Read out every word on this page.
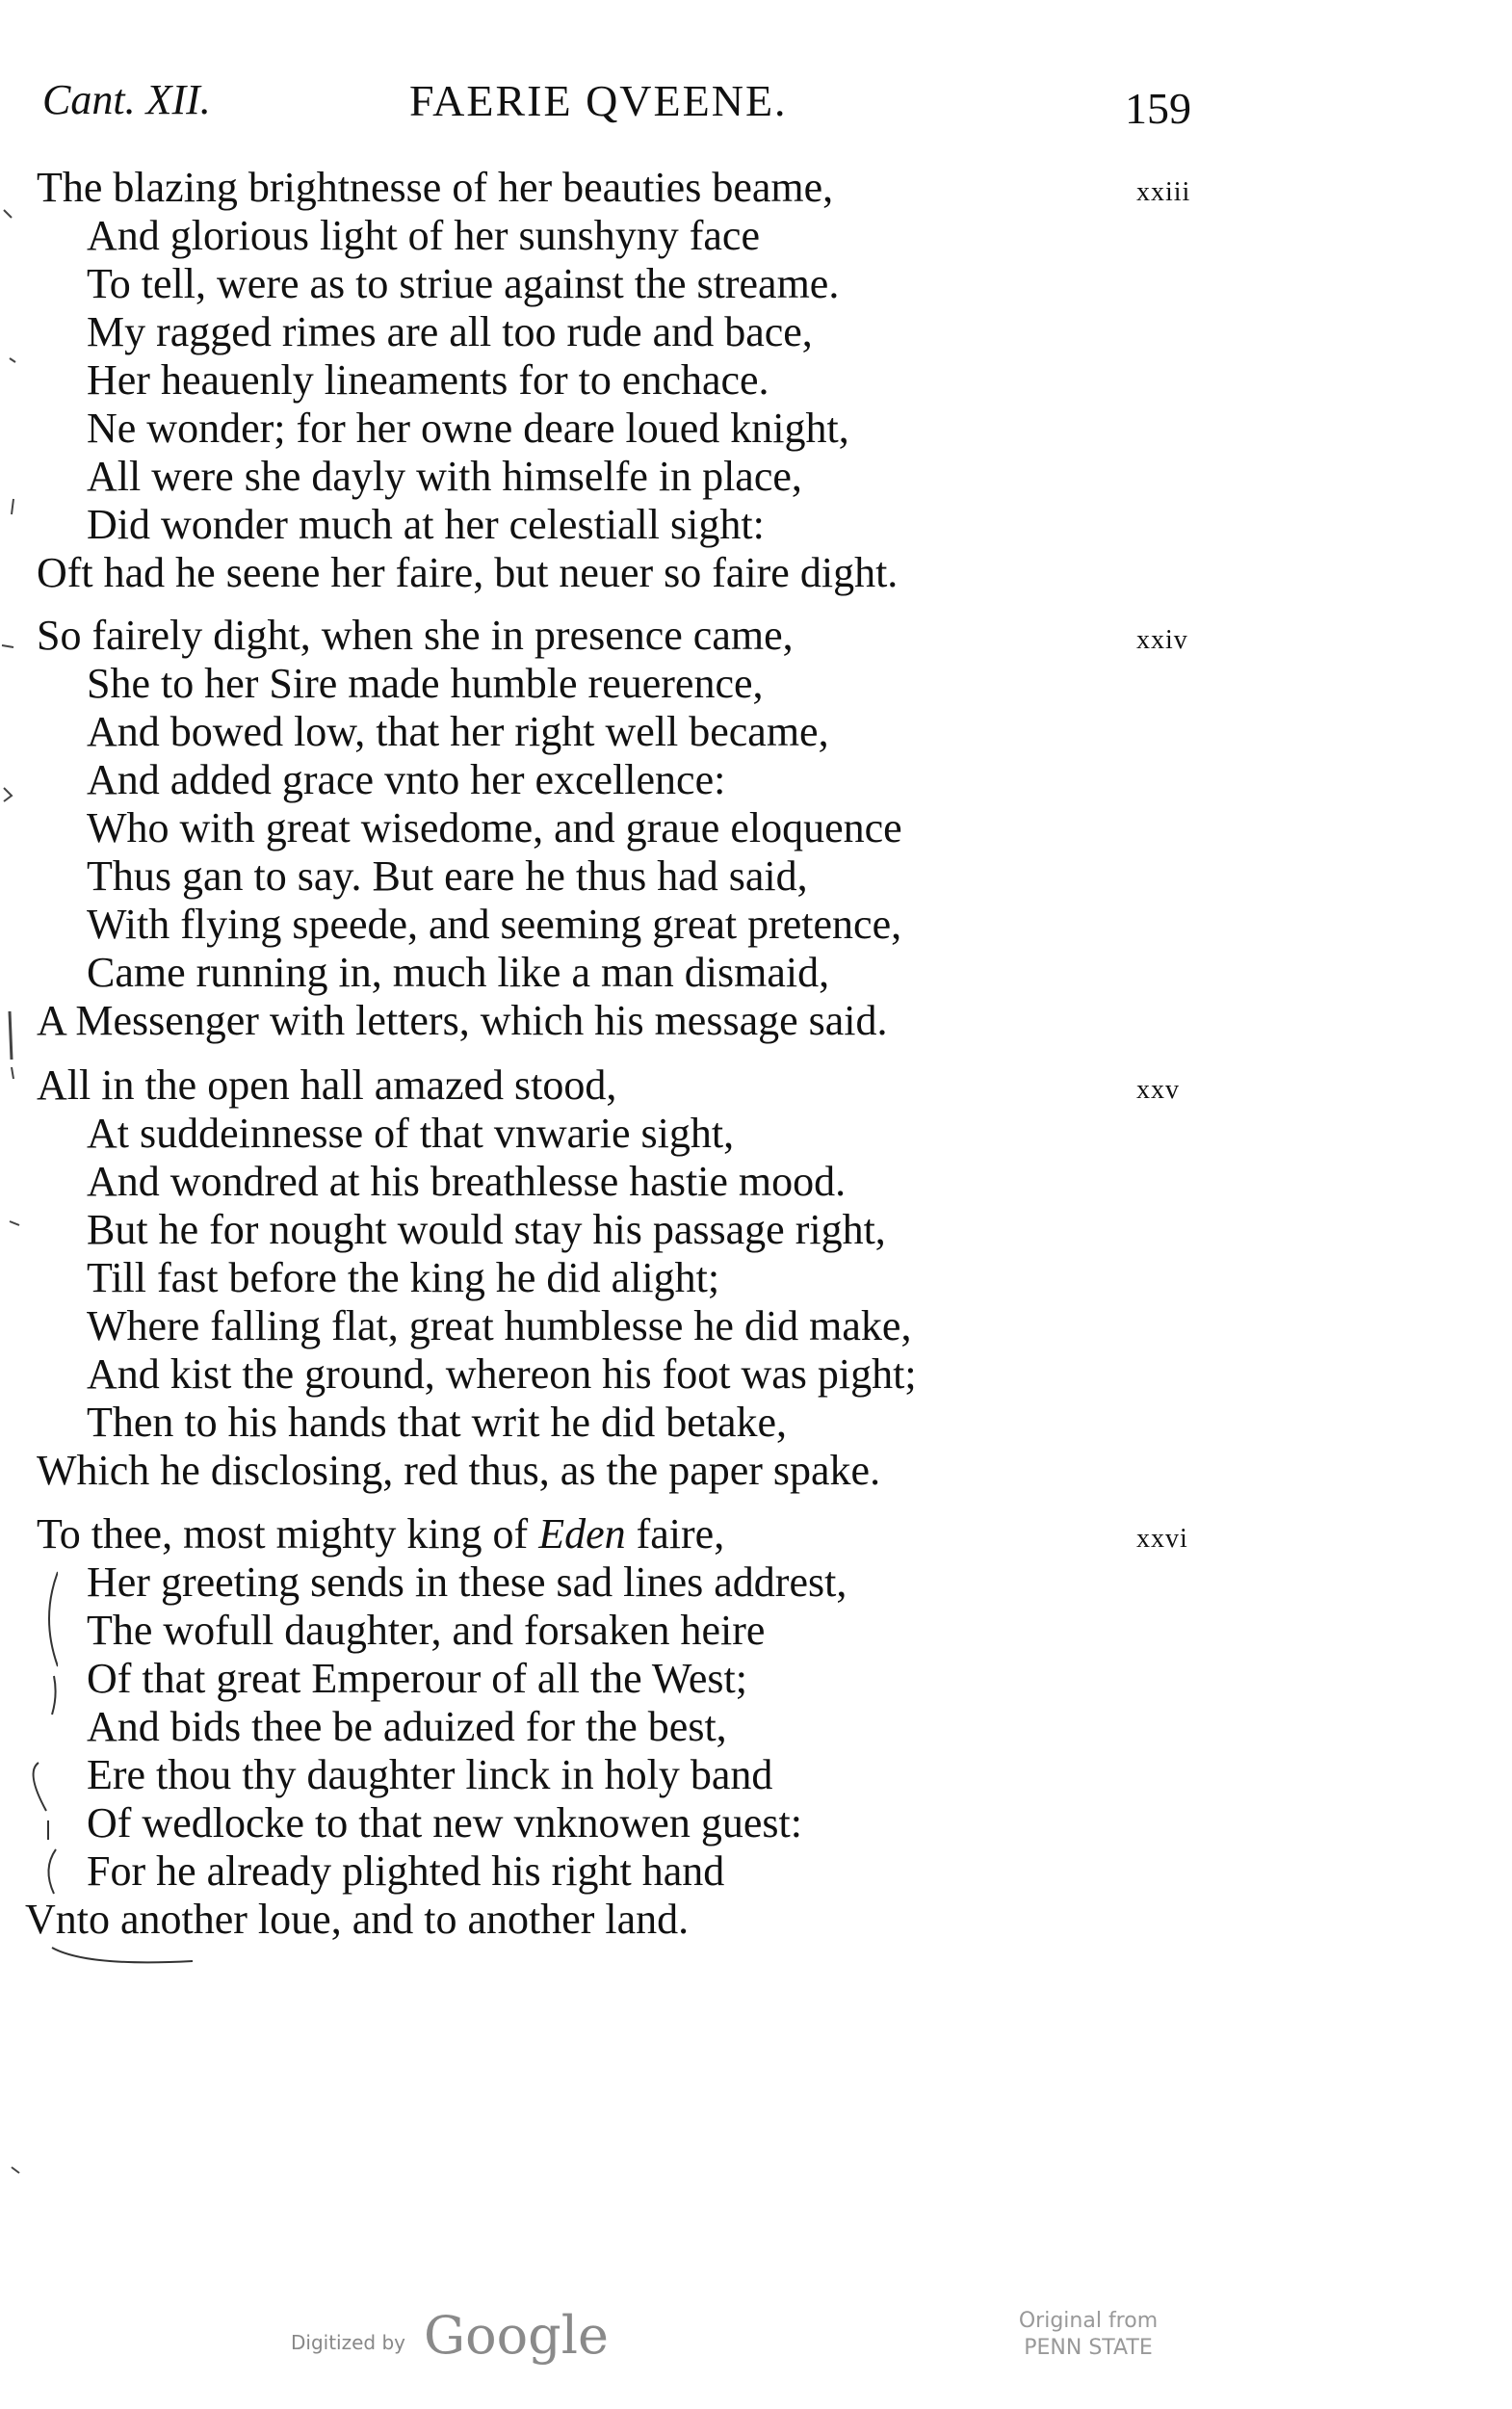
Cant. XII.	FAERIE QVEENE.	159
xxiii
The blazing brightnesse of her beauties beame,
And glorious light of her sunshyny face
To tell, were as to striue against the streame.
My ragged rimes are all too rude and bace,
Her heauenly lineaments for to enchace.
Ne wonder; for her owne deare loued knight,
All were she dayly with himselfe in place,
Did wonder much at her celestiall sight:
Oft had he seene her faire, but neuer so faire dight.
xxiv
So fairely dight, when she in presence came,
She to her Sire made humble reuerence,
And bowed low, that her right well became,
And added grace vnto her excellence:
Who with great wisedome, and graue eloquence
Thus gan to say. But eare he thus had said,
With flying speede, and seeming great pretence,
Came running in, much like a man dismaid,
A Messenger with letters, which his message said.
xxv
All in the open hall amazed stood,
At suddeinnesse of that vnwarie sight,
And wondred at his breathlesse hastie mood.
But he for nought would stay his passage right,
Till fast before the king he did alight;
Where falling flat, great humblesse he did make,
And kist the ground, whereon his foot was pight;
Then to his hands that writ he did betake,
Which he disclosing, red thus, as the paper spake.
xxvi
To thee, most mighty king of Eden faire,
Her greeting sends in these sad lines addrest,
The wofull daughter, and forsaken heire
Of that great Emperour of all the West;
And bids thee be aduized for the best,
Ere thou thy daughter linck in holy band
Of wedlocke to that new vnknowen guest:
For he already plighted his right hand
Vnto another loue, and to another land.
Digitized by Google	Original from
PENN STATE
